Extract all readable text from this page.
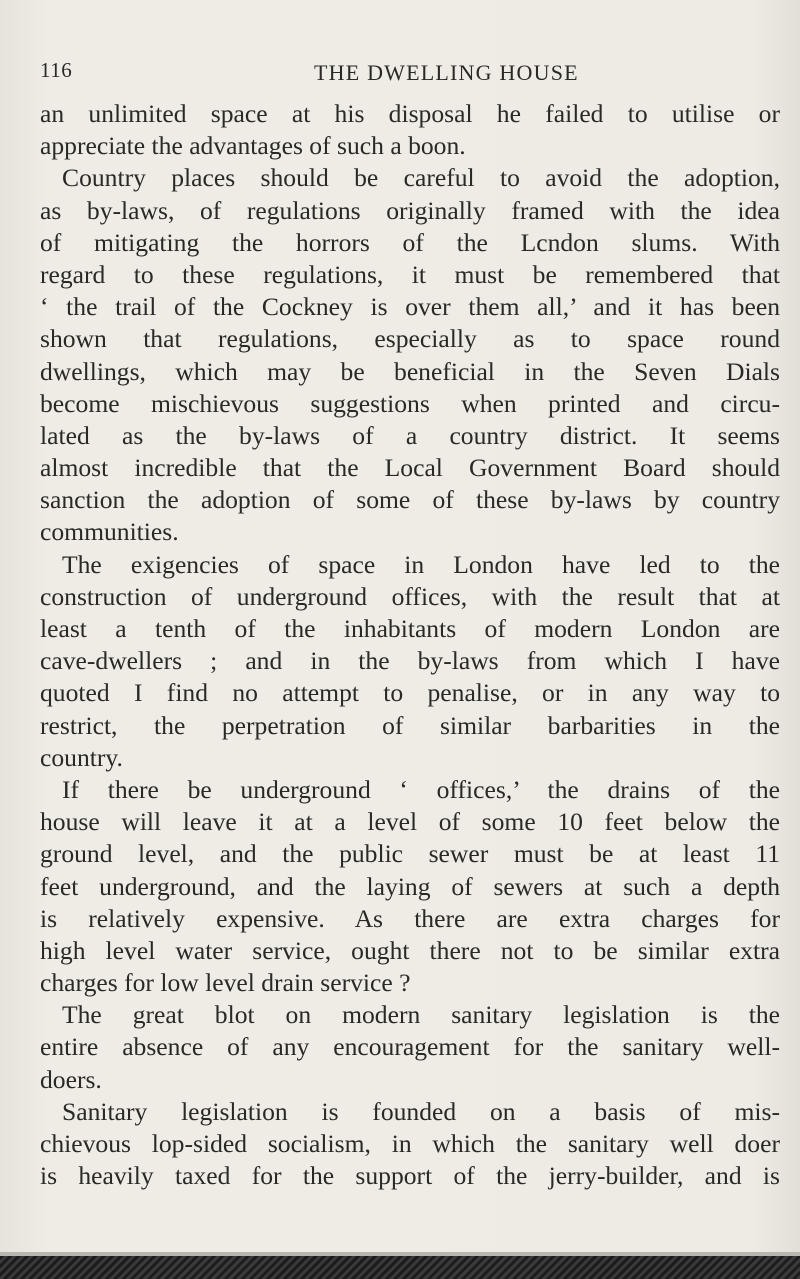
116	THE DWELLING HOUSE
an unlimited space at his disposal he failed to utilise or
appreciate the advantages of such a boon.
Country places should be careful to avoid the adoption,
as by-laws, of regulations originally framed with the idea
of mitigating the horrors of the Lcndon slums. With
regard to these regulations, it must be remembered that
‘ the trail of the Cockney is over them all,’ and it has been
shown that regulations, especially as to space round
dwellings, which may be beneficial in the Seven Dials
become mischievous suggestions when printed and circu-
lated as the by-laws of a country district. It seems
almost incredible that the Local Government Board should
sanction the adoption of some of these by-laws by country
communities.
The exigencies of space in London have led to the
construction of underground offices, with the result that at
least a tenth of the inhabitants of modern London are
cave-dwellers ; and in the by-laws from which I have
quoted I find no attempt to penalise, or in any way to
restrict, the perpetration of similar barbarities in the
country.
If there be underground ‘ offices,’ the drains of the
house will leave it at a level of some 10 feet below the
ground level, and the public sewer must be at least 11
feet underground, and the laying of sewers at such a depth
is relatively expensive. As there are extra charges for
high level water service, ought there not to be similar extra
charges for low level drain service ?
The great blot on modern sanitary legislation is the
entire absence of any encouragement for the sanitary well-
doers.
Sanitary legislation is founded on a basis of mis-
chievous lop-sided socialism, in which the sanitary well doer
is heavily taxed for the support of the jerry-builder, and is
